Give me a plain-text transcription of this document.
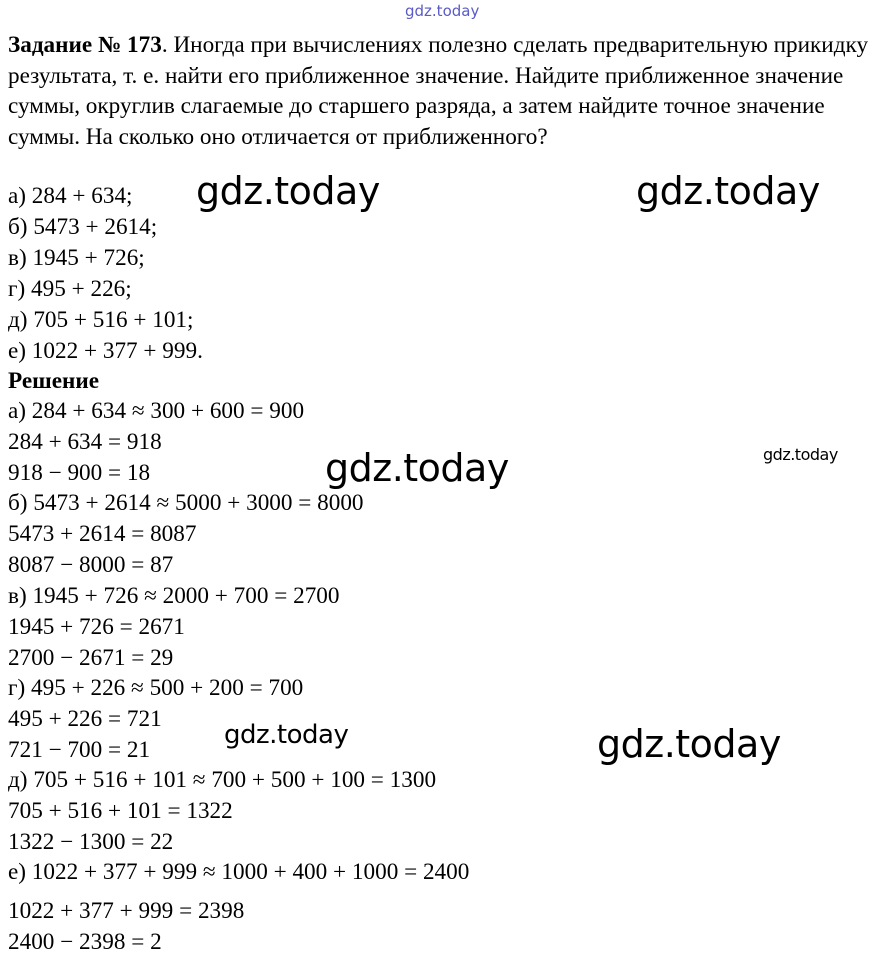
gdz.today
Задание № 173. Иногда при вычислениях полезно сделать предварительную прикидку результата, т. е. найти его приближенное значение. Найдите приближенное значение суммы, округлив слагаемые до старшего разряда, а затем найдите точное значение суммы. На сколько оно отличается от приближенного?
а) 284 + 634;
б) 5473 + 2614;
в) 1945 + 726;
г) 495 + 226;
д) 705 + 516 + 101;
е) 1022 + 377 + 999.
Решение
а) 284 + 634 ≈ 300 + 600 = 900
284 + 634 = 918
918 − 900 = 18
б) 5473 + 2614 ≈ 5000 + 3000 = 8000
5473 + 2614 = 8087
8087 − 8000 = 87
в) 1945 + 726 ≈ 2000 + 700 = 2700
1945 + 726 = 2671
2700 − 2671 = 29
г) 495 + 226 ≈ 500 + 200 = 700
495 + 226 = 721
721 − 700 = 21
д) 705 + 516 + 101 ≈ 700 + 500 + 100 = 1300
705 + 516 + 101 = 1322
1322 − 1300 = 22
е) 1022 + 377 + 999 ≈ 1000 + 400 + 1000 = 2400
1022 + 377 + 999 = 2398
2400 − 2398 = 2
gdz.today	gdz.today
gdz.today	gdz.today
gdz.today	gdz.today
